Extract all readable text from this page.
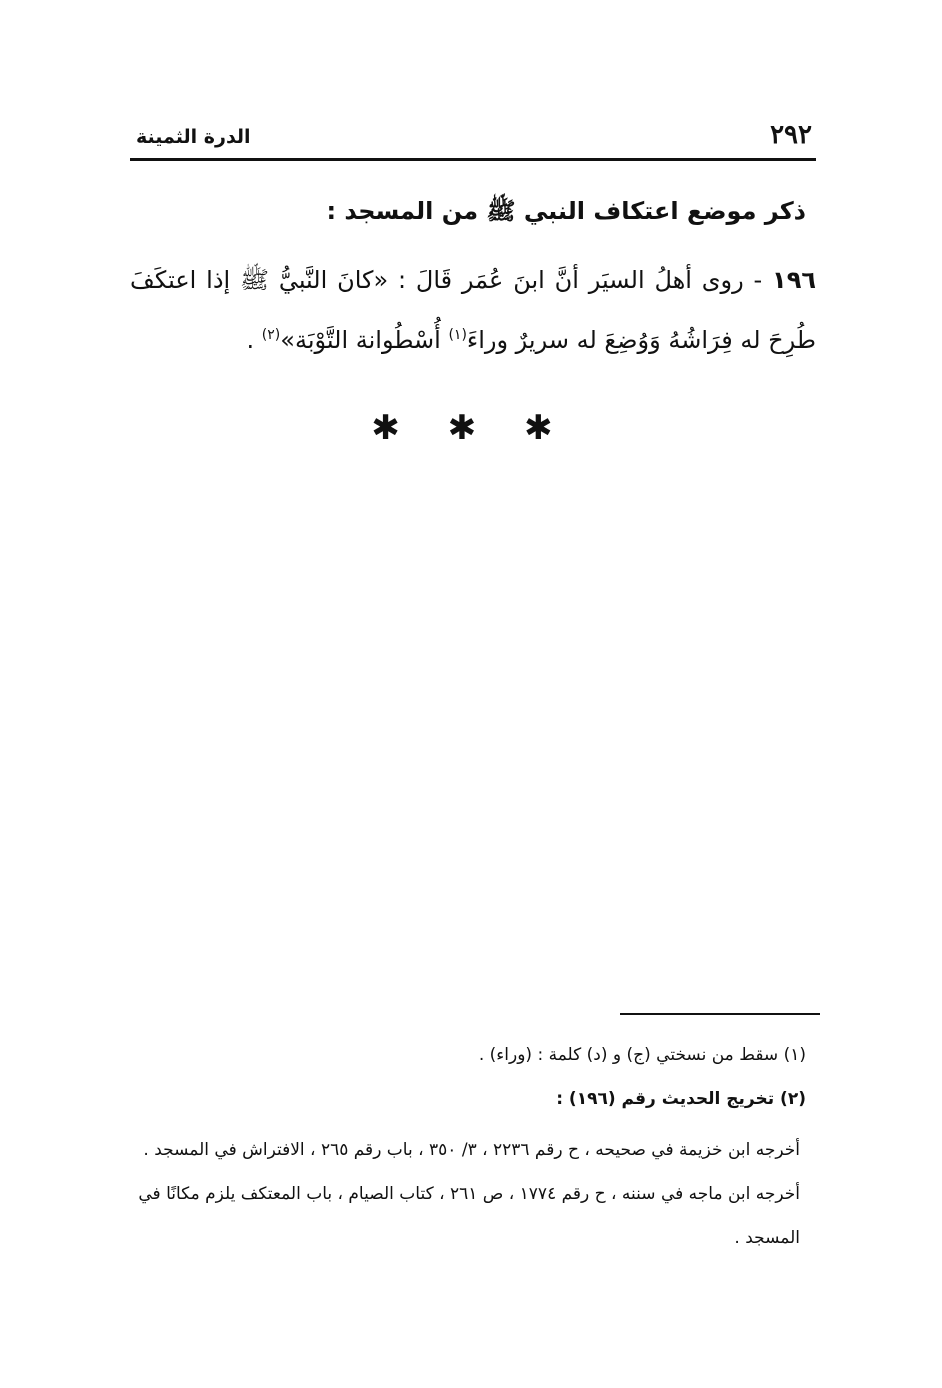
٢٩٢
الدرة الثمينة
ذكر موضع اعتكاف النبي ﷺ من المسجد :
١٩٦ - روى أهلُ السيَر أنَّ ابنَ عُمَر قَالَ : «كانَ النَّبيُّ ﷺ إذا اعتكَفَ طُرِحَ له فِرَاشُهُ وَوُضِعَ له سريرٌ وراءَ$^{(١)}$ أُسْطُوانة التَّوْبَة»$^{(٢)}$ .
✱ ✱ ✱
(١) سقط من نسختي (ج) و (د) كلمة : (وراء) .
(٢) تخريج الحديث رقم (١٩٦) :
أخرجه ابن خزيمة في صحيحه ، ح رقم ٢٢٣٦ ، ٣/ ٣٥٠ ، باب رقم ٢٦٥ ، الافتراش في المسجد .
أخرجه ابن ماجه في سننه ، ح رقم ١٧٧٤ ، ص ٢٦١ ، كتاب الصيام ، باب المعتكف يلزم مكانًا في المسجد .
